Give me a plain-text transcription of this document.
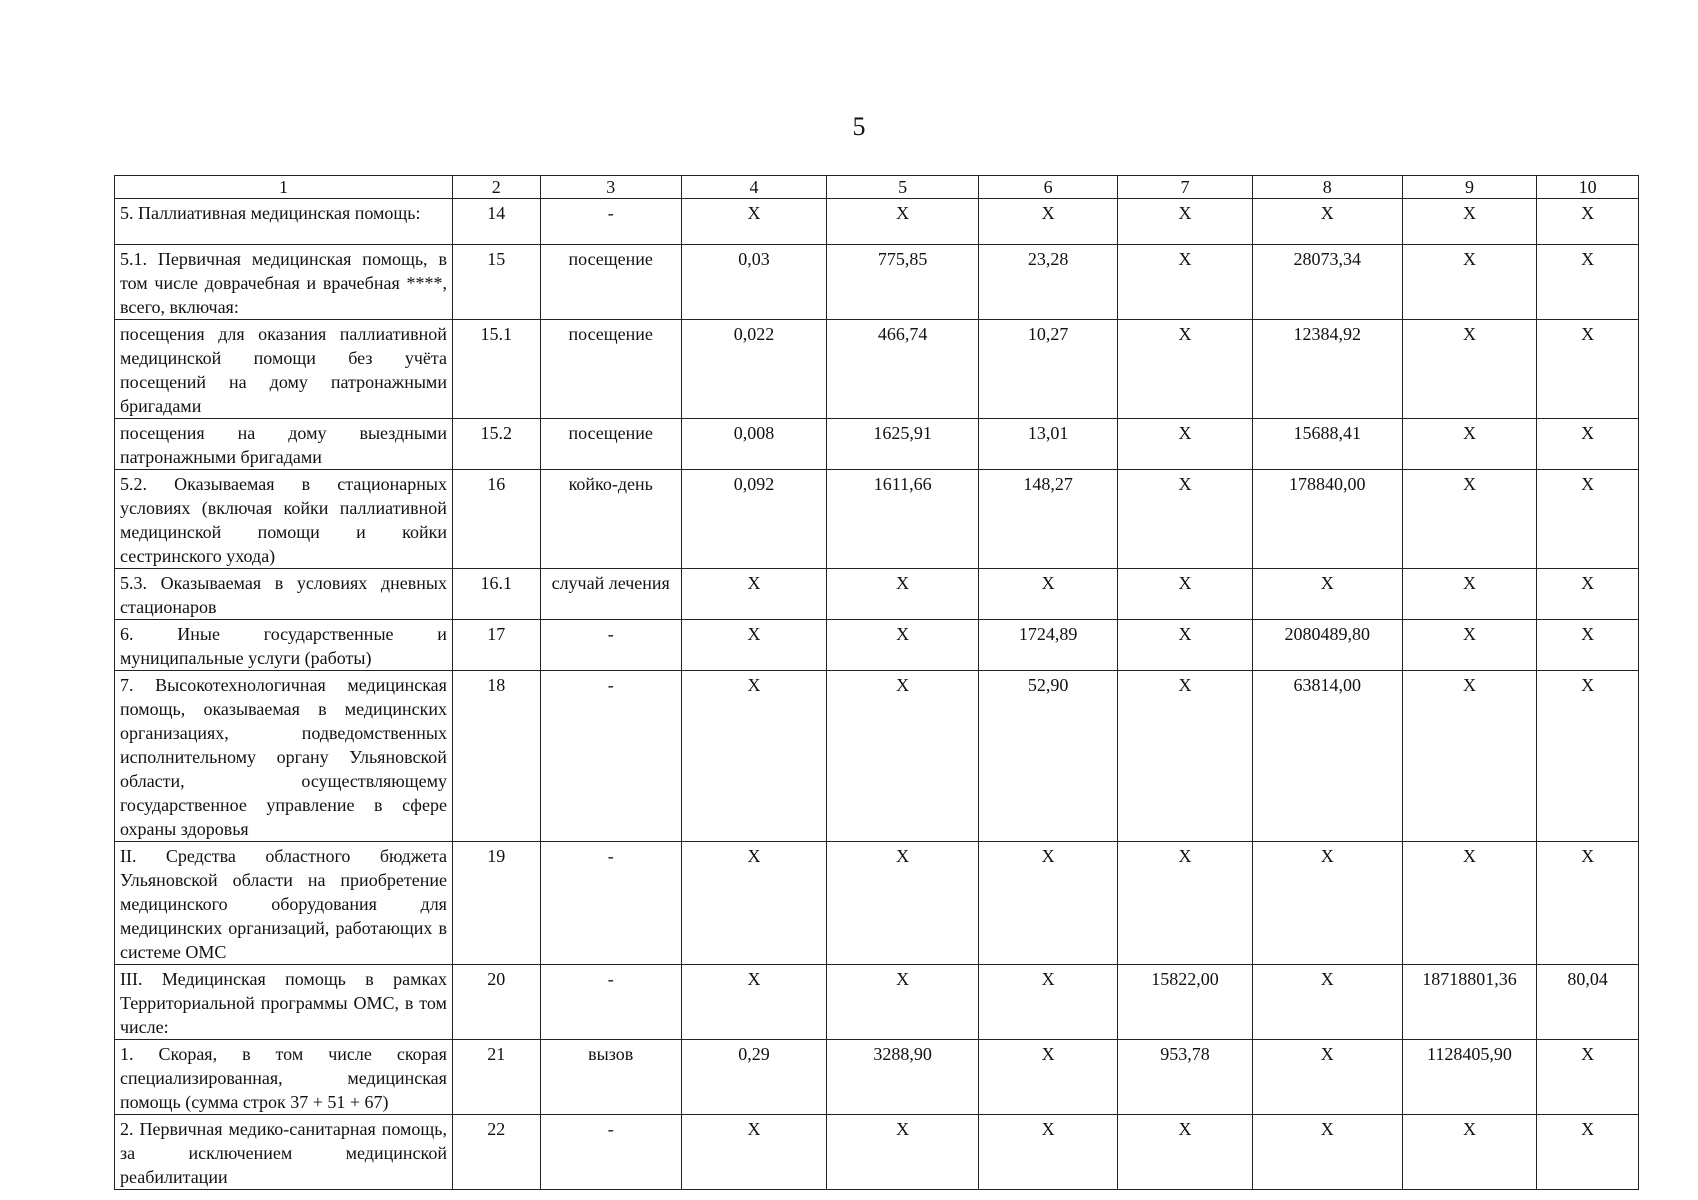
5
1	2	3	4	5	6	7	8	9	10
5. Паллиативная медицинская помощь:	14	-	X	X	X	X	X	X	X
5.1. Первичная медицинская помощь, в том числе доврачебная и врачебная ****, всего, включая:	15	посещение	0,03	775,85	23,28	X	28073,34	X	X
посещения для оказания паллиативной медицинской помощи без учёта посещений на дому патронажными бригадами	15.1	посещение	0,022	466,74	10,27	X	12384,92	X	X
посещения на дому выездными патронажными бригадами	15.2	посещение	0,008	1625,91	13,01	X	15688,41	X	X
5.2. Оказываемая в стационарных условиях (включая койки паллиативной медицинской помощи и койки сестринского ухода)	16	койко-день	0,092	1611,66	148,27	X	178840,00	X	X
5.3. Оказываемая в условиях дневных стационаров	16.1	случай лечения	X	X	X	X	X	X	X
6. Иные государственные и муниципальные услуги (работы)	17	-	X	X	1724,89	X	2080489,80	X	X
7. Высокотехнологичная медицинская помощь, оказываемая в медицинских организациях, подведомственных исполнительному органу Ульяновской области, осуществляющему государственное управление в сфере охраны здоровья	18	-	X	X	52,90	X	63814,00	X	X
II. Средства областного бюджета Ульяновской области на приобретение медицинского оборудования для медицинских организаций, работающих в системе ОМС	19	-	X	X	X	X	X	X	X
III. Медицинская помощь в рамках Территориальной программы ОМС, в том числе:	20	-	X	X	X	15822,00	X	18718801,36	80,04
1. Скорая, в том числе скорая специализированная, медицинская помощь (сумма строк 37 + 51 + 67)	21	вызов	0,29	3288,90	X	953,78	X	1128405,90	X
2. Первичная медико-санитарная помощь, за исключением медицинской реабилитации	22	-	X	X	X	X	X	X	X
